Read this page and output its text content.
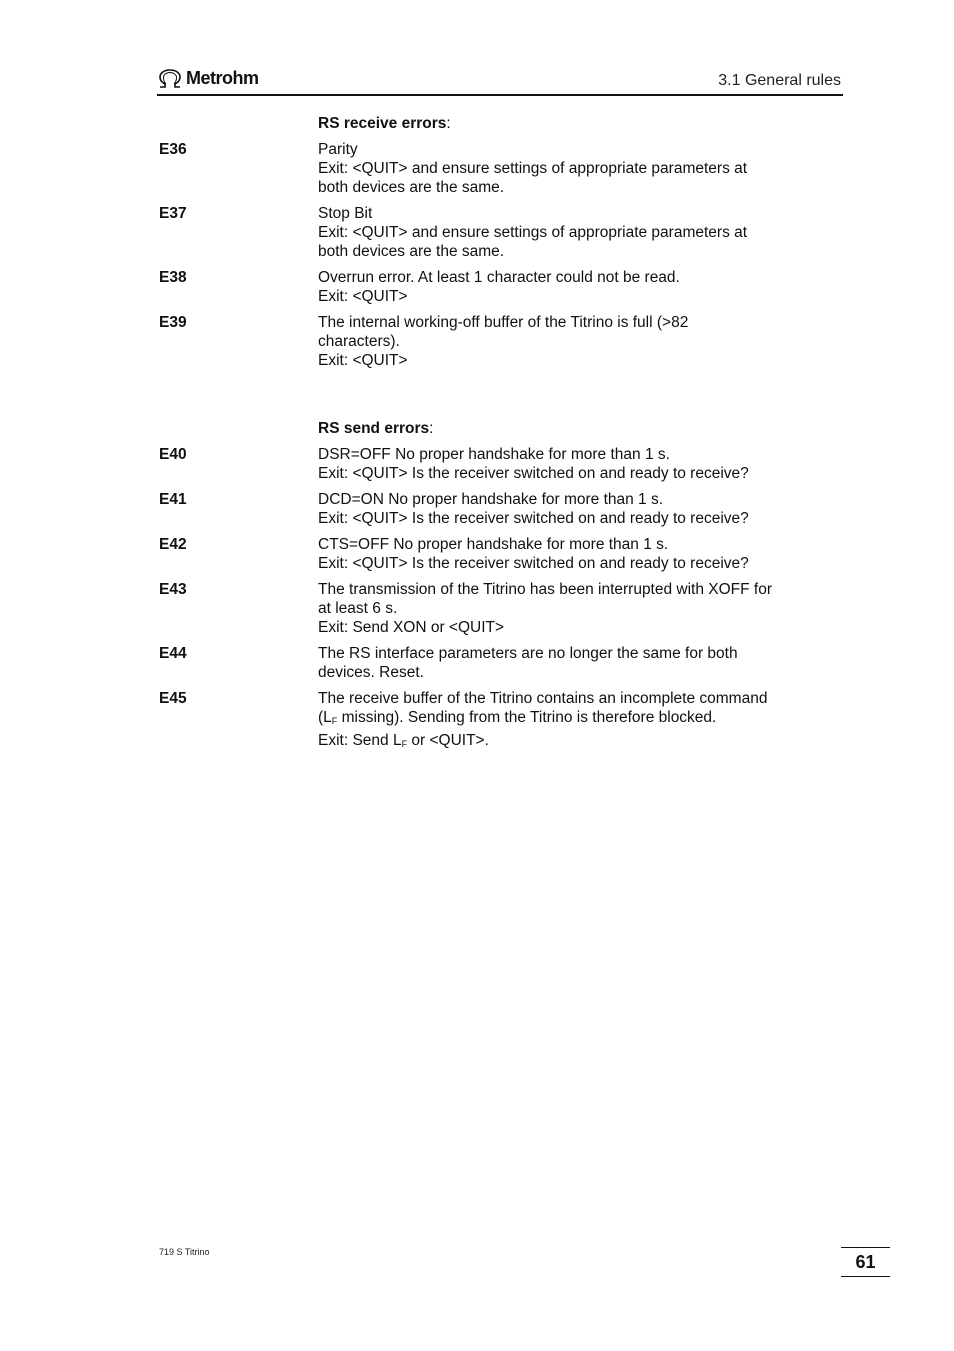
Metrohm	3.1 General rules
RS receive errors:
E36	Parity
Exit: <QUIT> and ensure settings of appropriate parameters at
both devices are the same.
E37	Stop Bit
Exit: <QUIT> and ensure settings of appropriate parameters at
both devices are the same.
E38	Overrun error. At least 1 character could not be read.
Exit: <QUIT>
E39	The internal working-off buffer of the Titrino is full (>82
characters).
Exit: <QUIT>
RS send errors:
E40	DSR=OFF No proper handshake for more than 1 s.
Exit: <QUIT> Is the receiver switched on and ready to receive?
E41	DCD=ON No proper handshake for more than 1 s.
Exit: <QUIT> Is the receiver switched on and ready to receive?
E42	CTS=OFF No proper handshake for more than 1 s.
Exit: <QUIT> Is the receiver switched on and ready to receive?
E43	The transmission of the Titrino has been interrupted with XOFF for
at least 6 s.
Exit: Send XON or <QUIT>
E44	The RS interface parameters are no longer the same for both
devices. Reset.
E45	The receive buffer of the Titrino contains an incomplete command
($L_F$ missing). Sending from the Titrino is therefore blocked.
Exit: Send $L_F$ or <QUIT>.
719 S Titrino	61
